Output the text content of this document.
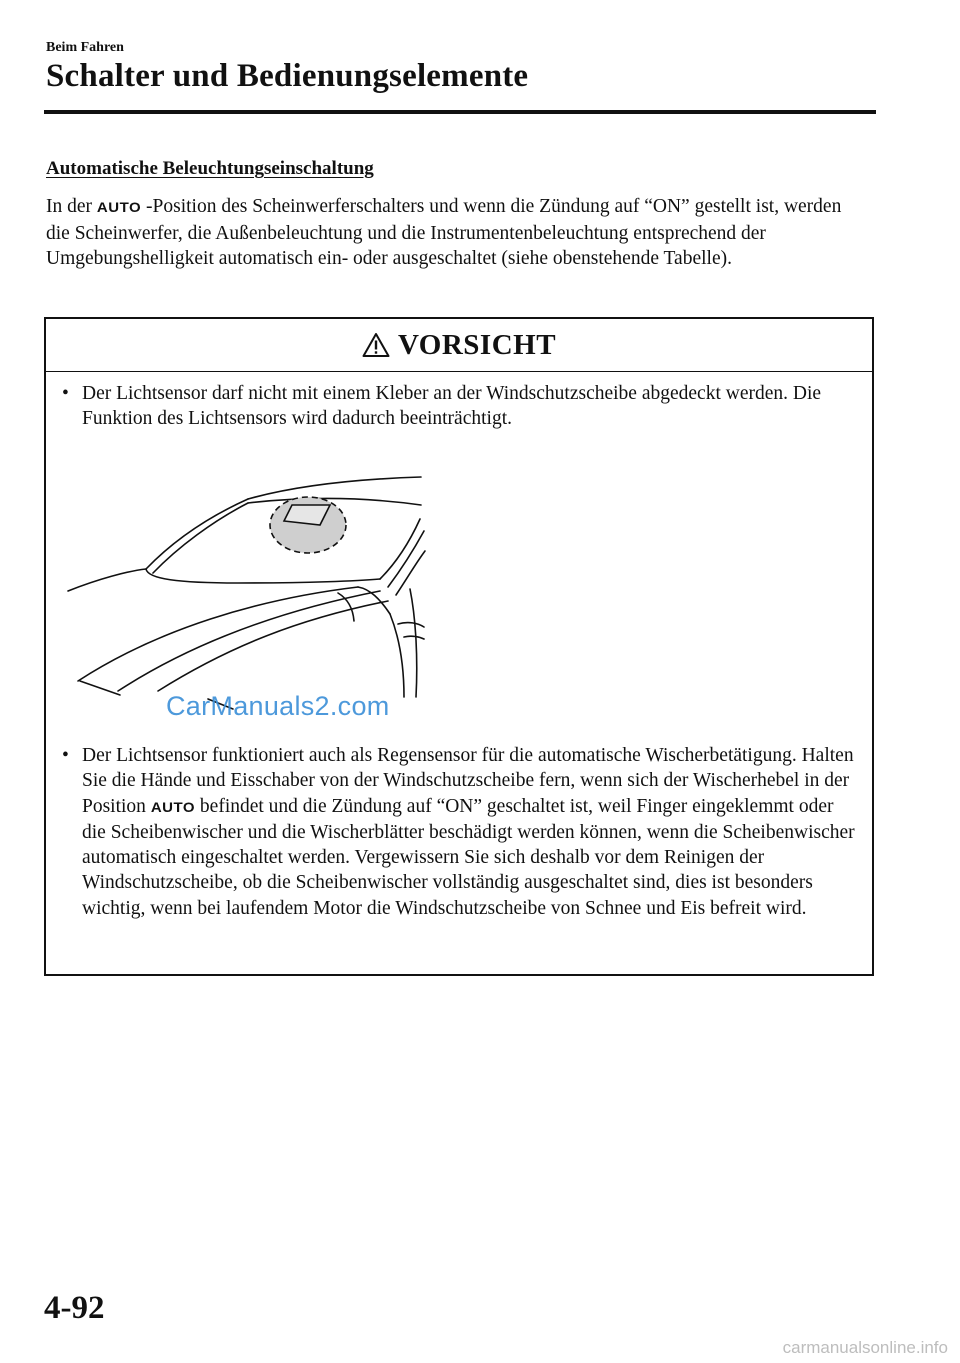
Beim Fahren
Schalter und Bedienungselemente
Automatische Beleuchtungseinschaltung
In der AUTO -Position des Scheinwerferschalters und wenn die Zündung auf “ON” gestellt ist, werden die Scheinwerfer, die Außenbeleuchtung und die Instrumentenbeleuchtung entsprechend der Umgebungshelligkeit automatisch ein- oder ausgeschaltet (siehe obenstehende Tabelle).
VORSICHT
• Der Lichtsensor darf nicht mit einem Kleber an der Windschutzscheibe abgedeckt werden. Die Funktion des Lichtsensors wird dadurch beeinträchtigt.
CarManuals2.com
• Der Lichtsensor funktioniert auch als Regensensor für die automatische Wischerbetätigung. Halten Sie die Hände und Eisschaber von der Windschutzscheibe fern, wenn sich der Wischerhebel in der Position AUTO befindet und die Zündung auf “ON” geschaltet ist, weil Finger eingeklemmt oder die Scheibenwischer und die Wischerblätter beschädigt werden können, wenn die Scheibenwischer automatisch eingeschaltet werden. Vergewissern Sie sich deshalb vor dem Reinigen der Windschutzscheibe, ob die Scheibenwischer vollständig ausgeschaltet sind, dies ist besonders wichtig, wenn bei laufendem Motor die Windschutzscheibe von Schnee und Eis befreit wird.
4-92
carmanualsonline.info
